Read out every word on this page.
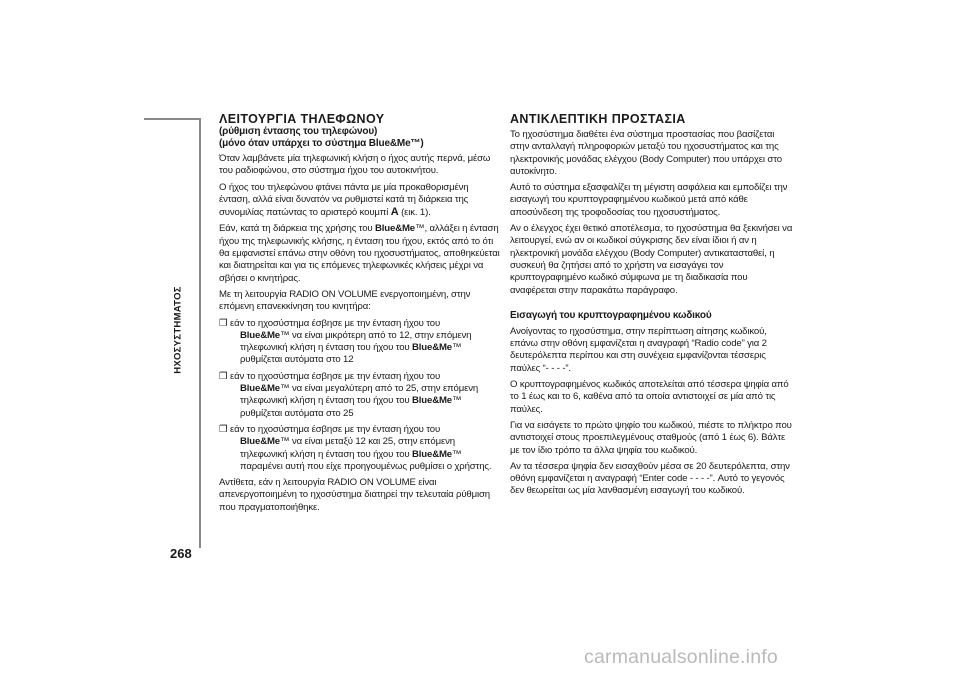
ΗΧΟΣΥΣΤΗΜΑΤΟΣ
268
ΛΕΙΤΟΥΡΓΙΑ ΤΗΛΕΦΩΝΟΥ
(ρύθμιση έντασης του τηλεφώνου)
(μόνο όταν υπάρχει το σύστημα Blue&Me™)

Όταν λαμβάνετε μία τηλεφωνική κλήση ο ήχος αυτής περνά, μέσω του ραδιοφώνου, στο σύστημα ήχου του αυτοκινήτου.

Ο ήχος του τηλεφώνου φτάνει πάντα με μία προκαθορισμένη ένταση, αλλά είναι δυνατόν να ρυθμιστεί κατά τη διάρκεια της συνομιλίας πατώντας το αριστερό κουμπί A (εικ. 1).

Εάν, κατά τη διάρκεια της χρήσης του Blue&Me™, αλλάξει η ένταση ήχου της τηλεφωνικής κλήσης, η ένταση του ήχου, εκτός από το ότι θα εμφανιστεί επάνω στην οθόνη του ηχοσυστήματος, αποθηκεύεται και διατηρείται και για τις επόμενες τηλεφωνικές κλήσεις μέχρι να σβήσει ο κινητήρας.

Με τη λειτουργία RADIO ON VOLUME ενεργοποιημένη, στην επόμενη επανεκκίνηση του κινητήρα:

❒ εάν το ηχοσύστημα έσβησε με την ένταση ήχου του
Blue&Me™ να είναι μικρότερη από το 12, στην επόμενη
τηλεφωνική κλήση η ένταση του ήχου του Blue&Me™
ρυθμίζεται αυτόματα στο 12
❒ εάν το ηχοσύστημα έσβησε με την ένταση ήχου του
Blue&Me™ να είναι μεγαλύτερη από το 25, στην επόμενη
τηλεφωνική κλήση η ένταση του ήχου του Blue&Me™
ρυθμίζεται αυτόματα στο 25
❒ εάν το ηχοσύστημα έσβησε με την ένταση ήχου του
Blue&Me™ να είναι μεταξύ 12 και 25, στην επόμενη
τηλεφωνική κλήση η ένταση του ήχου του Blue&Me™
παραμένει αυτή που είχε προηγουμένως ρυθμίσει ο χρήστης.

Αντίθετα, εάν η λειτουργία RADIO ON VOLUME είναι απενεργοποιημένη το ηχοσύστημα διατηρεί την τελευταία ρύθμιση που πραγματοποιήθηκε.

ΑΝΤΙΚΛΕΠΤΙΚΗ ΠΡΟΣΤΑΣΙΑ

Το ηχοσύστημα διαθέτει ένα σύστημα προστασίας που βασίζεται στην ανταλλαγή πληροφοριών μεταξύ του ηχοσυστήματος και της ηλεκτρονικής μονάδας ελέγχου (Body Computer) που υπάρχει στο αυτοκίνητο.

Αυτό το σύστημα εξασφαλίζει τη μέγιστη ασφάλεια και εμποδίζει την εισαγωγή του κρυπτογραφημένου κωδικού μετά από κάθε αποσύνδεση της τροφοδοσίας του ηχοσυστήματος.

Αν ο έλεγχος έχει θετικό αποτέλεσμα, το ηχοσύστημα θα ξεκινήσει να λειτουργεί, ενώ αν οι κωδικοί σύγκρισης δεν είναι ίδιοι ή αν η ηλεκτρονική μονάδα ελέγχου (Body Computer) αντικατασταθεί, η συσκευή θα ζητήσει από το χρήστη να εισαγάγει τον κρυπτογραφημένο κωδικό σύμφωνα με τη διαδικασία που αναφέρεται στην παρακάτω παράγραφο.

Εισαγωγή του κρυπτογραφημένου κωδικού

Ανοίγοντας το ηχοσύστημα, στην περίπτωση αίτησης κωδικού, επάνω στην οθόνη εμφανίζεται η αναγραφή “Radio code” για 2 δευτερόλεπτα περίπου και στη συνέχεια εμφανίζονται τέσσερις παύλες “- - - -”.

Ο κρυπτογραφημένος κωδικός αποτελείται από τέσσερα ψηφία από το 1 έως και το 6, καθένα από τα οποία αντιστοιχεί σε μία από τις παύλες.

Για να εισάγετε το πρώτο ψηφίο του κωδικού, πιέστε το πλήκτρο που αντιστοιχεί στους προεπιλεγμένους σταθμούς (από 1 έως 6). Βάλτε με τον ίδιο τρόπο τα άλλα ψηφία του κωδικού.

Αν τα τέσσερα ψηφία δεν εισαχθούν μέσα σε 20 δευτερόλεπτα, στην οθόνη εμφανίζεται η αναγραφή “Enter code - - - -”. Αυτό το γεγονός δεν θεωρείται ως μία λανθασμένη εισαγωγή του κωδικού.

carmanualsonline.info
